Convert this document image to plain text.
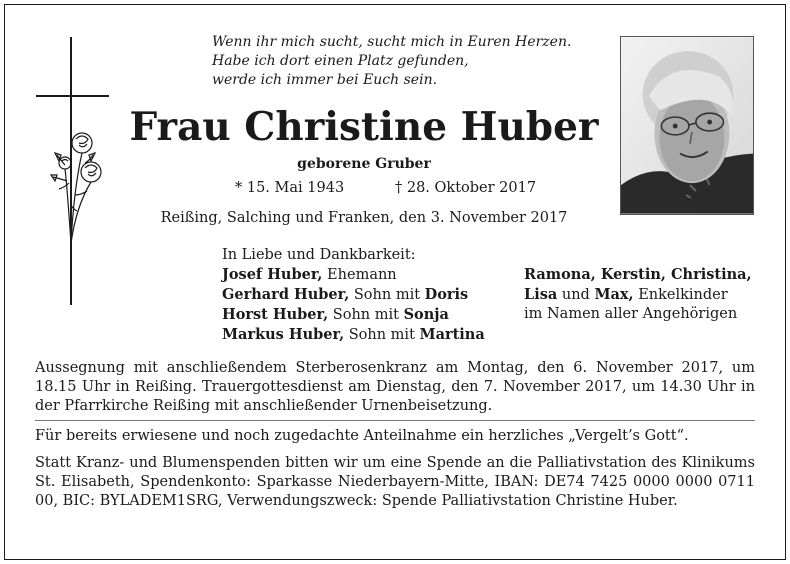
Wenn ihr mich sucht, sucht mich in Euren Herzen.
Habe ich dort einen Platz gefunden,
werde ich immer bei Euch sein.
Frau Christine Huber
geborene Gruber
* 15. Mai 1943	† 28. Oktober 2017
Reißing, Salching und Franken, den 3. November 2017
In Liebe und Dankbarkeit:
Josef Huber, Ehemann
Gerhard Huber, Sohn mit Doris
Horst Huber, Sohn mit Sonja
Markus Huber, Sohn mit Martina
Ramona, Kerstin, Christina,
Lisa und Max, Enkelkinder
im Namen aller Angehörigen
Aussegnung mit anschließendem Sterberosenkranz am Montag, den 6. November 2017, um 18.15 Uhr in Reißing. Trauergottesdienst am Dienstag, den 7. November 2017, um 14.30 Uhr in der Pfarrkirche Reißing mit anschließender Urnenbeisetzung.
Für bereits erwiesene und noch zugedachte Anteilnahme ein herzliches „Vergelt’s Gott“.
Statt Kranz- und Blumenspenden bitten wir um eine Spende an die Palliativstation des Klinikums St. Elisabeth, Spendenkonto: Sparkasse Niederbayern-Mitte, IBAN: DE74 7425 0000 0000 0711 00, BIC: BYLADEM1SRG, Verwendungszweck: Spende Palliativstation Christine Huber.
